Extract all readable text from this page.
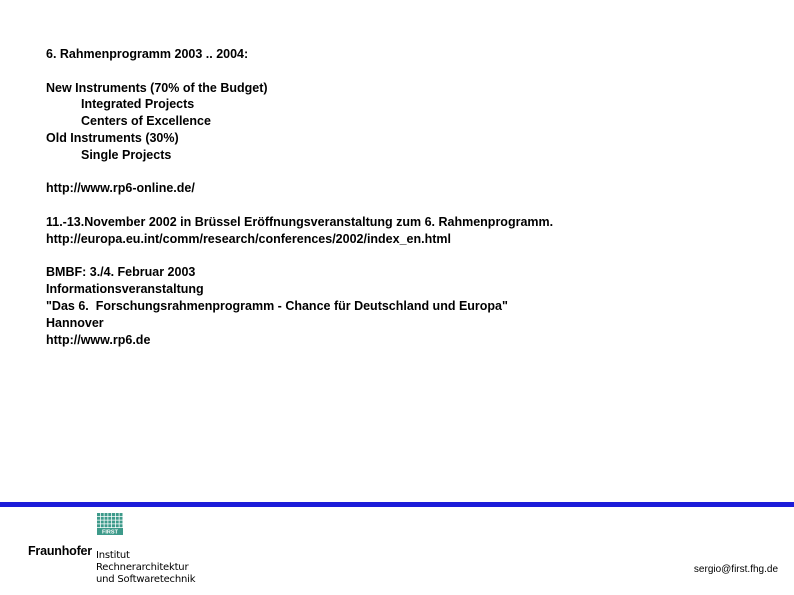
6. Rahmenprogramm 2003 .. 2004:
New Instruments (70% of the Budget)
Integrated Projects
Centers of Excellence
Old Instruments (30%)
Single Projects
http://www.rp6-online.de/
11.-13.November 2002 in Brüssel Eröffnungsveranstaltung zum 6. Rahmenprogramm.
http://europa.eu.int/comm/research/conferences/2002/index_en.html
BMBF: 3./4. Februar 2003
Informationsveranstaltung
"Das 6.  Forschungsrahmenprogramm - Chance für Deutschland und Europa"
Hannover
http://www.rp6.de
FIRST
Fraunhofer Institut
Rechnerarchitektur
und Softwaretechnik
sergio@first.fhg.de
